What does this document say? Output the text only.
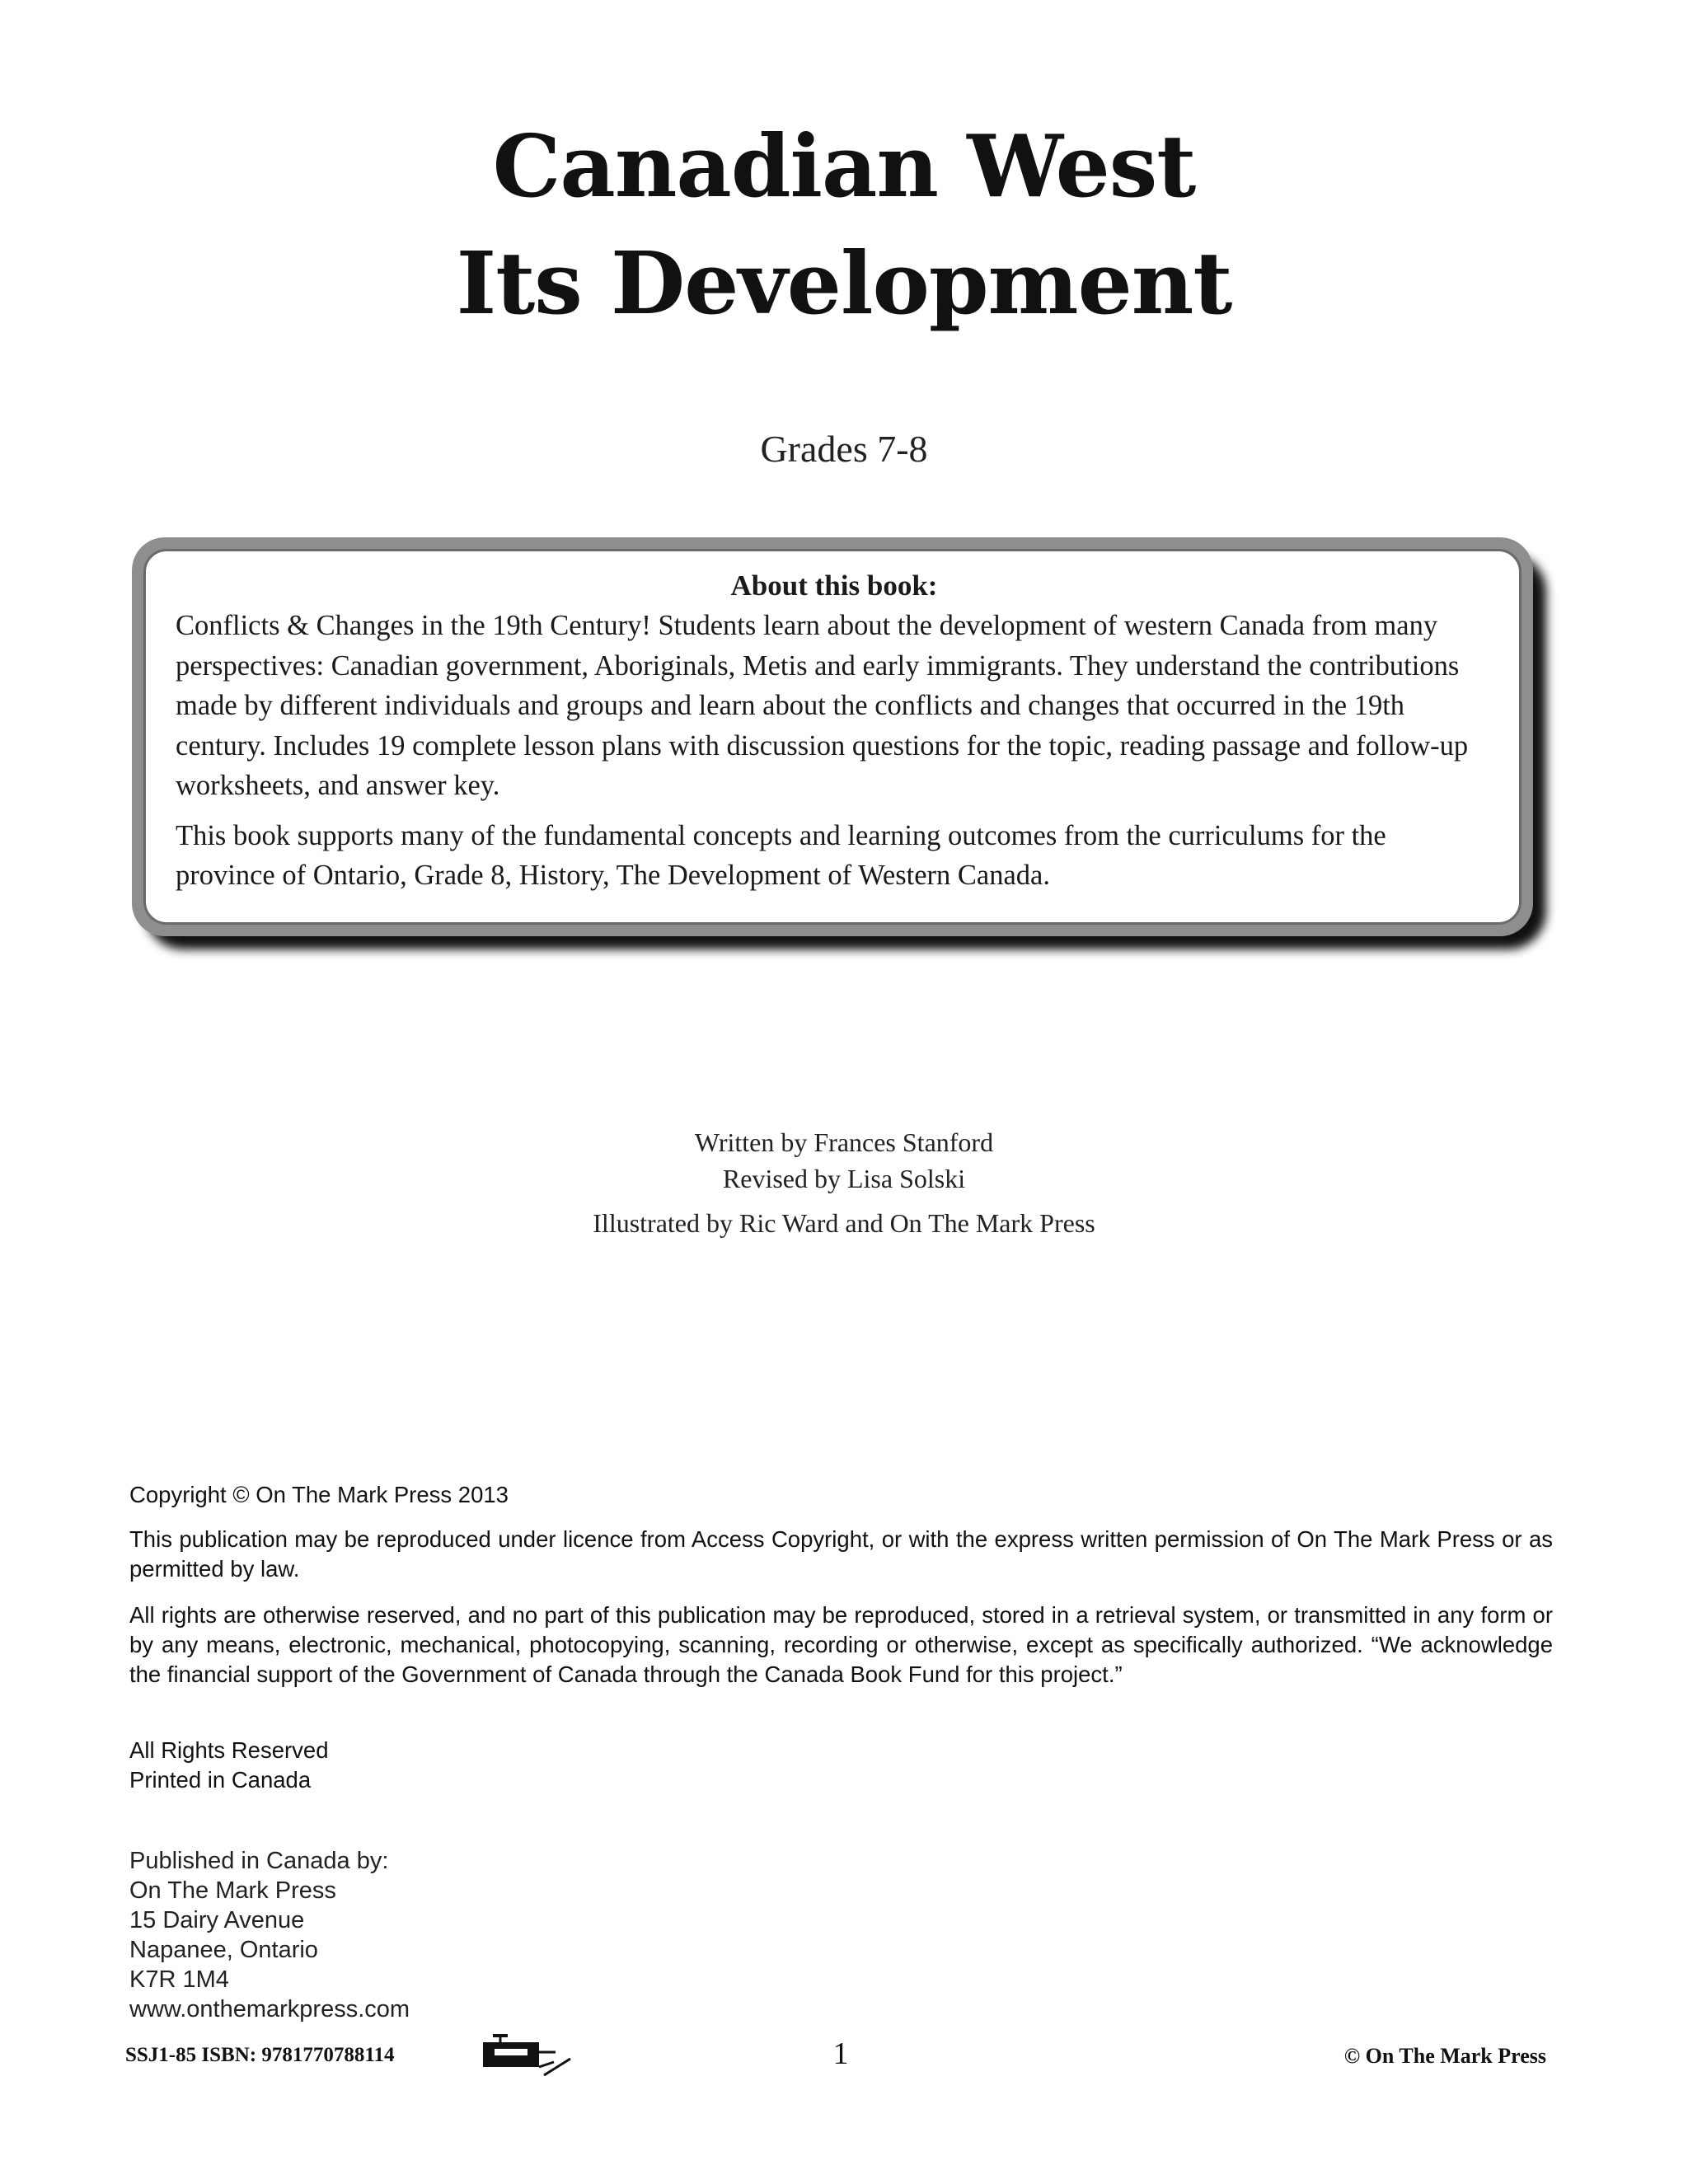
Canadian West
Its Development
Grades 7-8
About this book:

Conflicts & Changes in the 19th Century! Students learn about the development of western Canada from many perspectives: Canadian government, Aboriginals, Metis and early immigrants. They understand the contributions made by different individuals and groups and learn about the conflicts and changes that occurred in the 19th century. Includes 19 complete lesson plans with discussion questions for the topic, reading passage and follow-up worksheets, and answer key.

This book supports many of the fundamental concepts and learning outcomes from the curriculums for the province of Ontario, Grade 8, History, The Development of Western Canada.

Written by Frances Stanford
Revised by Lisa Solski
Illustrated by Ric Ward and On The Mark Press
Copyright © On The Mark Press 2013
This publication may be reproduced under licence from Access Copyright, or with the express written permission of On The Mark Press or as permitted by law.
All rights are otherwise reserved, and no part of this publication may be reproduced, stored in a retrieval system, or transmitted in any form or by any means, electronic, mechanical, photocopying, scanning, recording or otherwise, except as specifically authorized. “We acknowledge the financial support of the Government of Canada through the Canada Book Fund for this project.”
All Rights Reserved
Printed in Canada
Published in Canada by:
On The Mark Press
15 Dairy Avenue
Napanee, Ontario
K7R 1M4
www.onthemarkpress.com
SSJ1-85 ISBN: 9781770788114	1	© On The Mark Press
